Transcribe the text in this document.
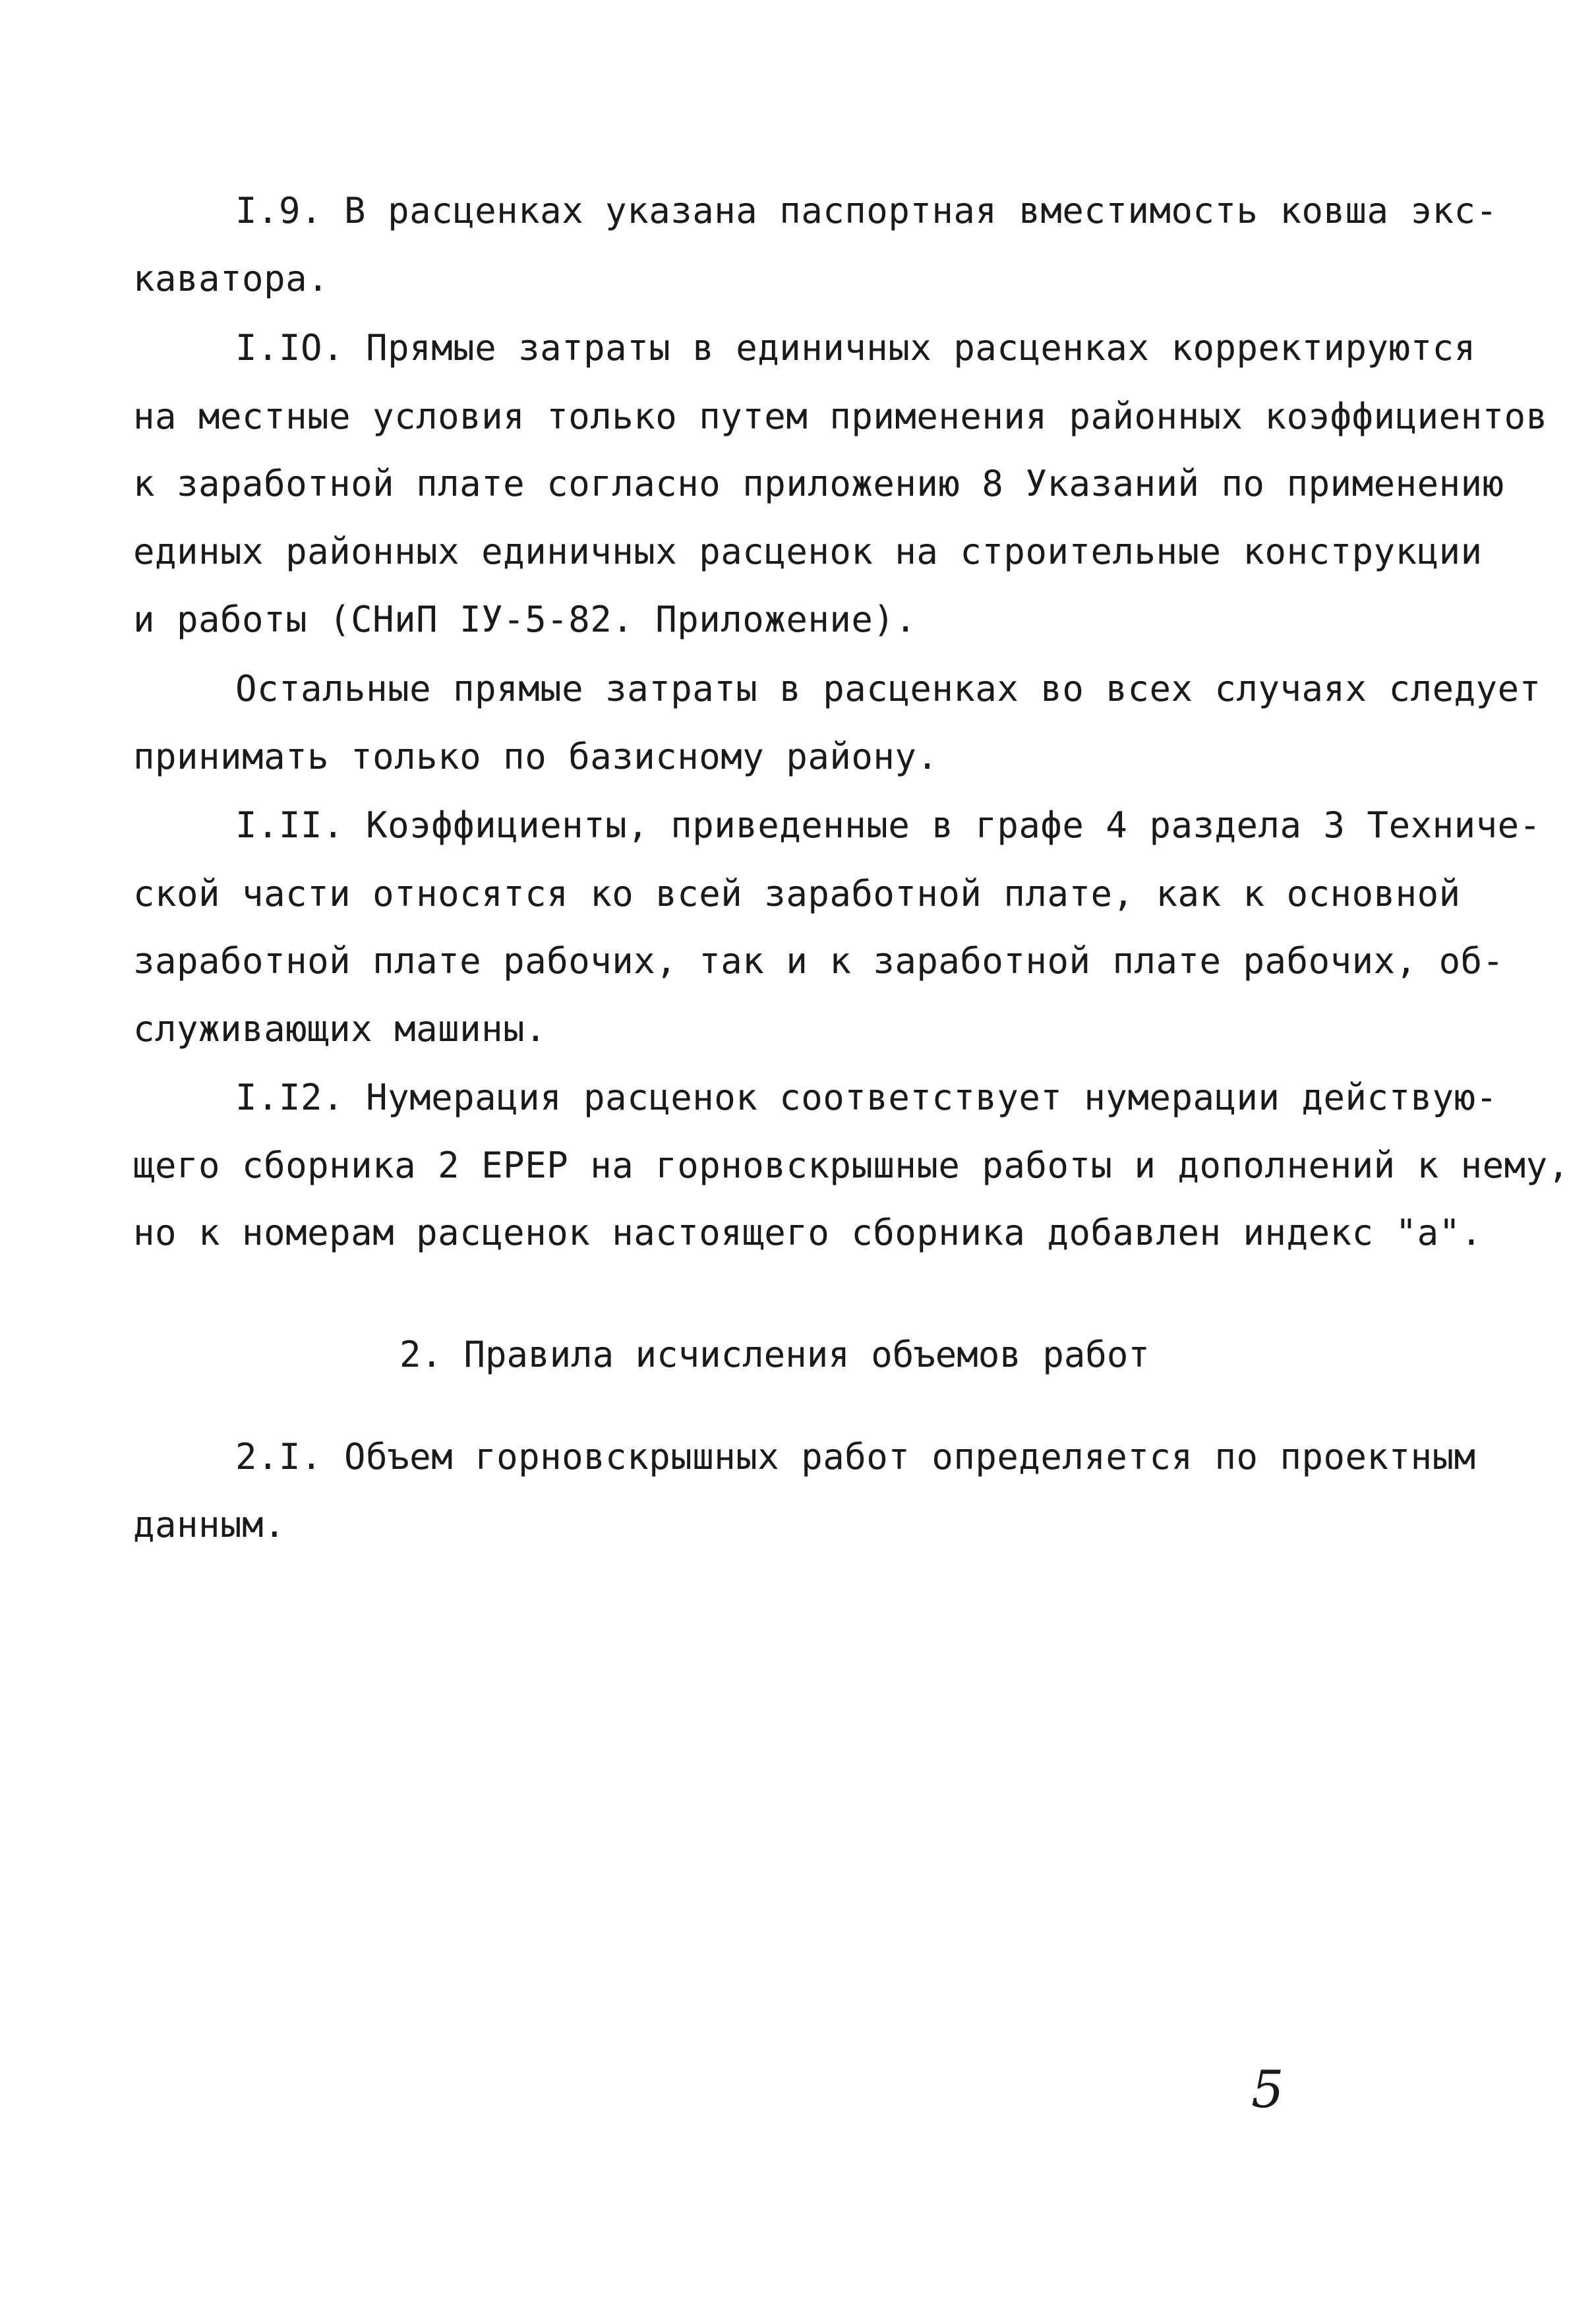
I.9. В расценках указана паспортная вместимость ковша экс-
каватора.
I.IO. Прямые затраты в единичных расценках корректируются
на местные условия только путем применения районных коэффициентов
к заработной плате согласно приложению 8 Указаний по применению
единых районных единичных расценок на строительные конструкции
и работы (СНиП IУ-5-82. Приложение).
Остальные прямые затраты в расценках во всех случаях следует
принимать только по базисному району.
I.II. Коэффициенты, приведенные в графе 4 раздела 3 Техниче-
ской части относятся ко всей заработной плате, как к основной
заработной плате рабочих, так и к заработной плате рабочих, об-
служивающих машины.
I.I2. Нумерация расценок соответствует нумерации действую-
щего сборника 2 ЕРЕР на горновскрышные работы и дополнений к нему,
но к номерам расценок настоящего сборника добавлен индекс "а".
2. Правила исчисления объемов работ
2.I. Объем горновскрышных работ определяется по проектным
данным.
5
